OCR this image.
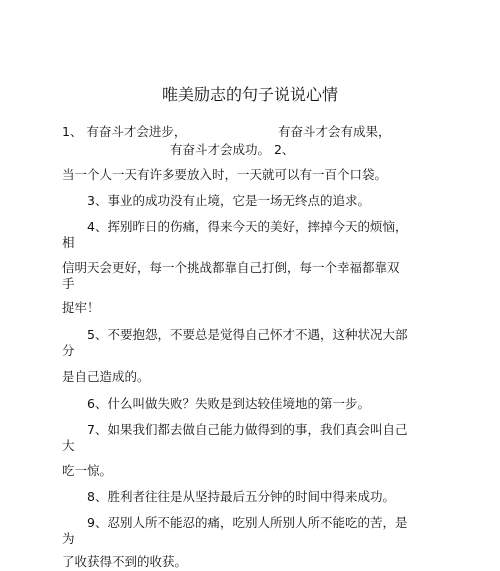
唯美励志的句子说说心情
1、 有奋斗才会进步，	有奋斗才会有成果，
有奋斗才会成功。 2、
当一个人一天有许多要放入时，一天就可以有一百个口袋。
3、事业的成功没有止境，它是一场无终点的追求。
4、挥别昨日的伤痛，得来今天的美好，摔掉今天的烦恼，
相
信明天会更好，每一个挑战都靠自己打倒，每一个幸福都靠双
手
捉牢！
5、不要抱怨，不要总是觉得自己怀才不遇，这种状况大部
分
是自己造成的。
6、什么叫做失败？失败是到达较佳境地的第一步。
7、如果我们都去做自己能力做得到的事，我们真会叫自己
大
吃一惊。
8、胜利者往往是从坚持最后五分钟的时间中得来成功。
9、忍别人所不能忍的痛，吃别人所别人所不能吃的苦，是
为
了收获得不到的收获。
